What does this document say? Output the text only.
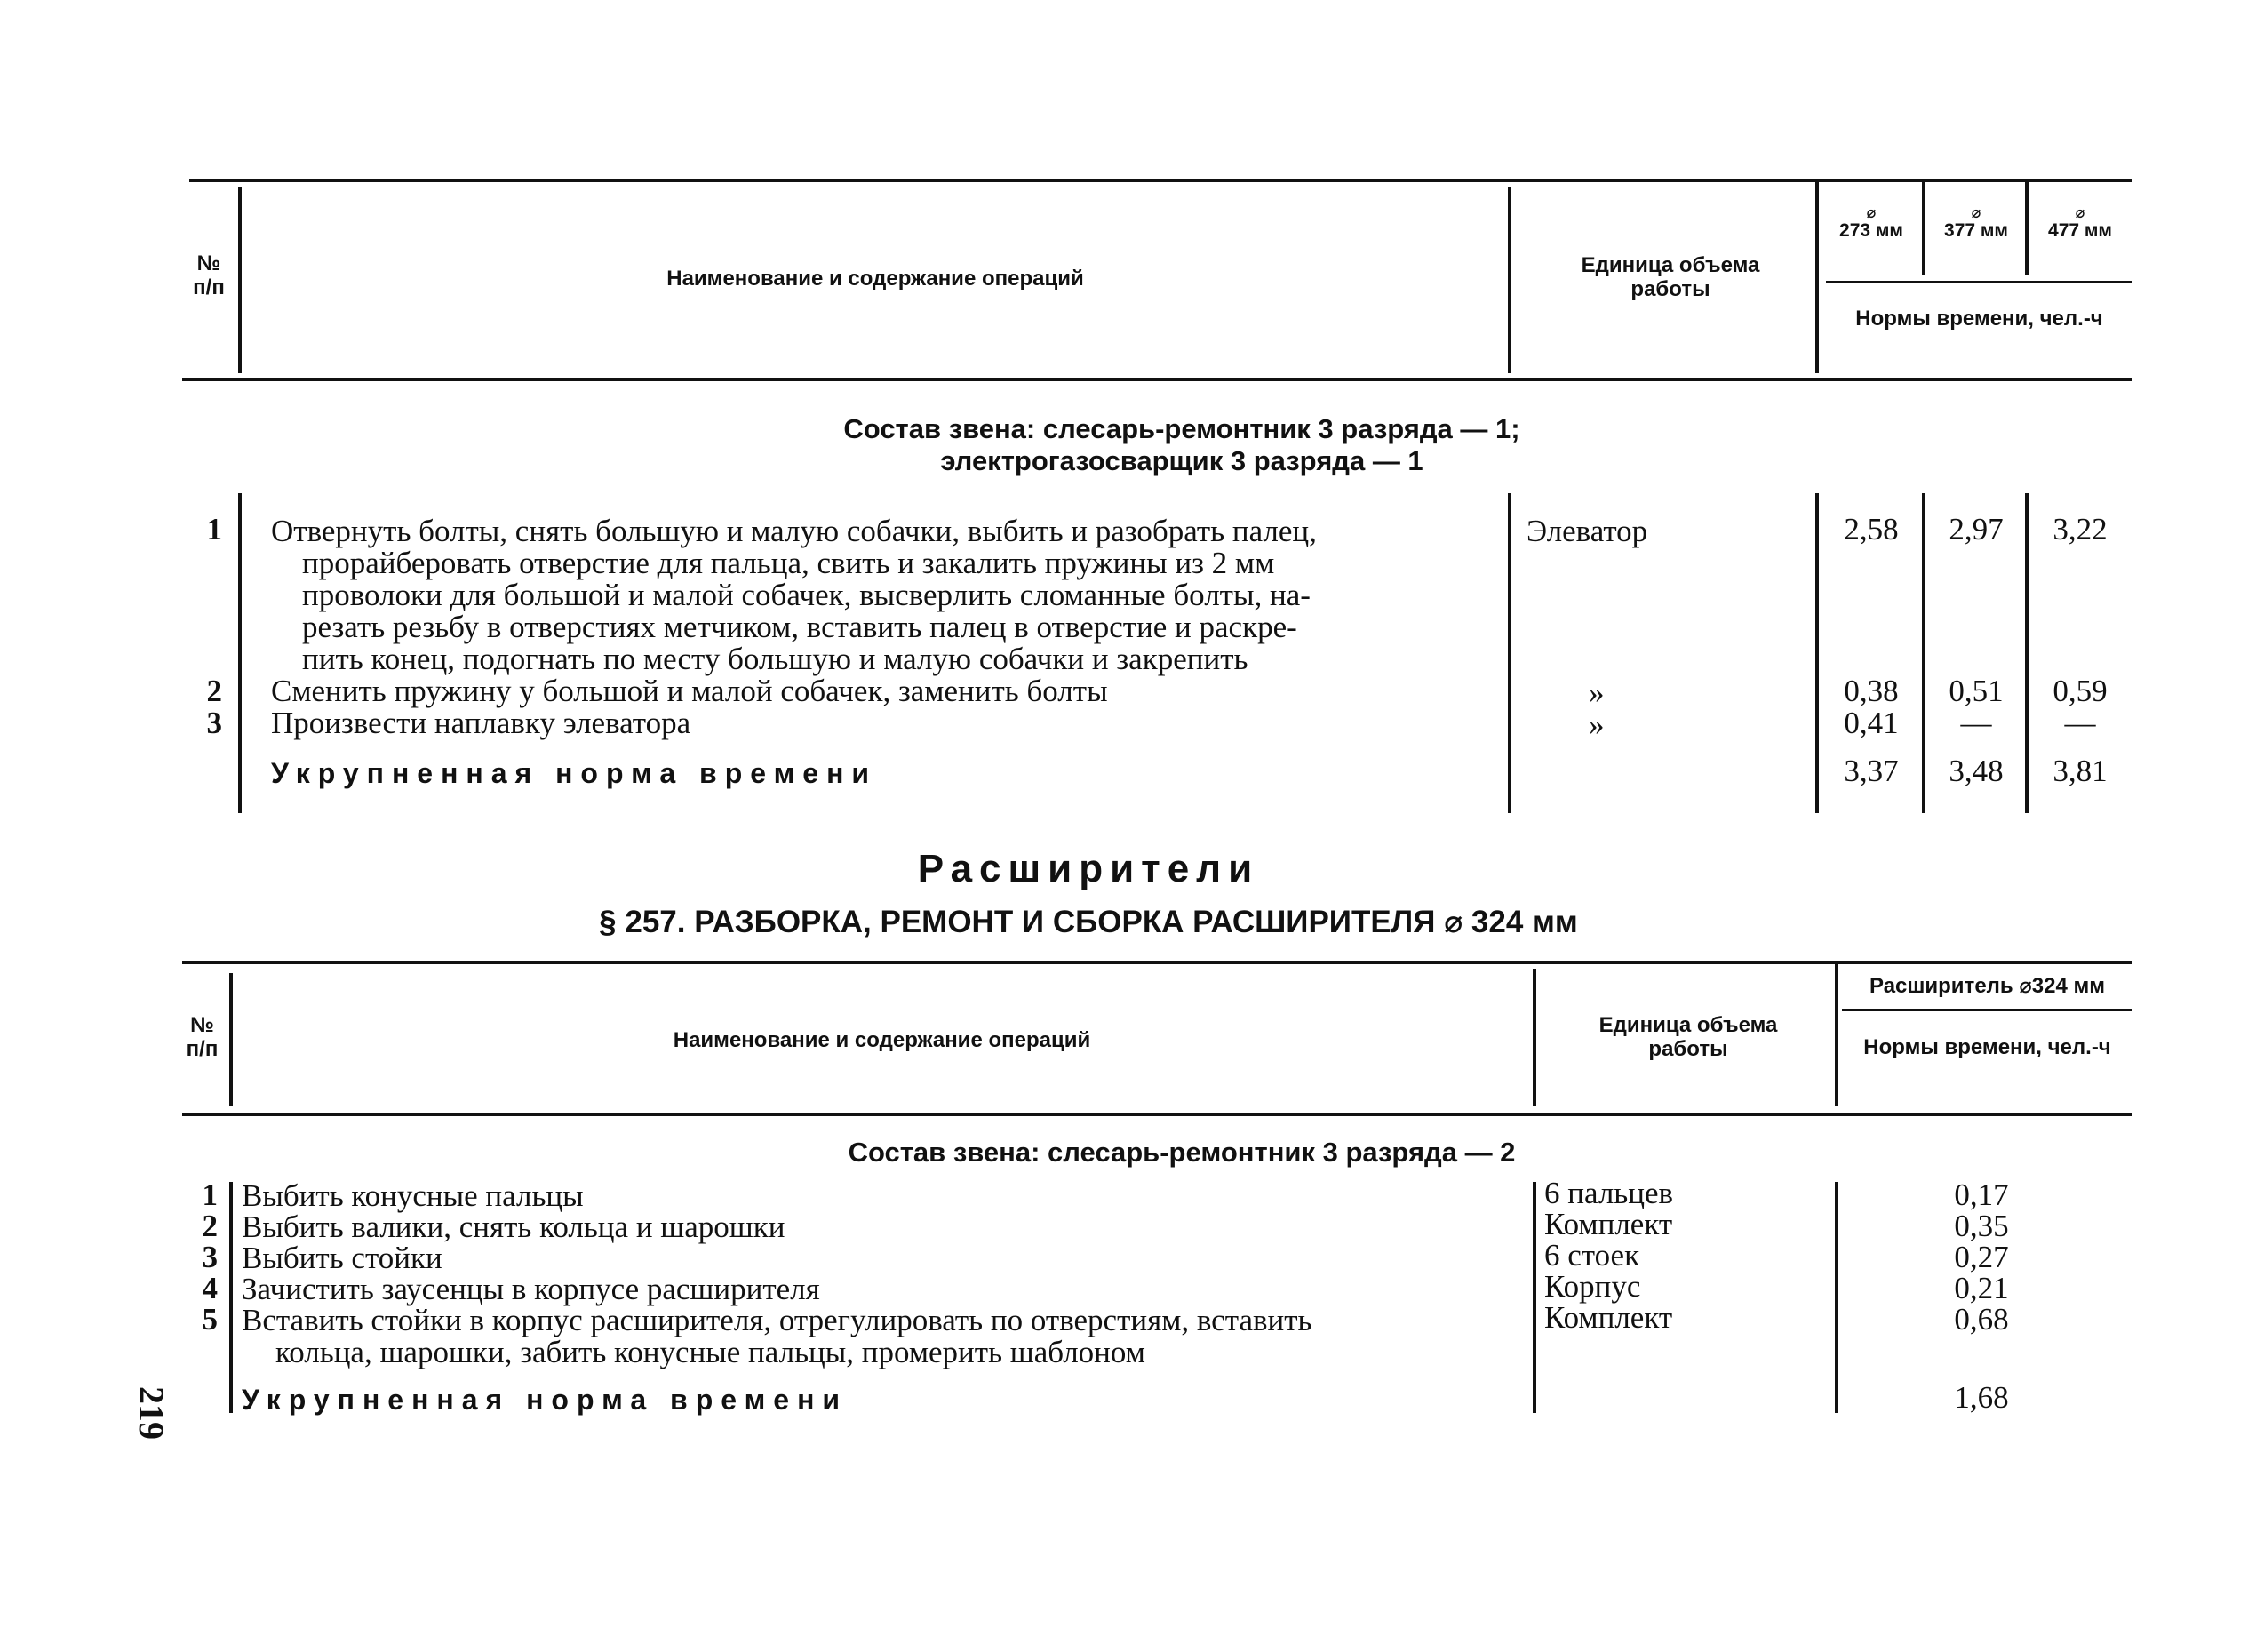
№
п/п	Наименование и содержание операций
Единица объема работы
⌀
273 мм
⌀
377 мм
⌀
477 мм
Нормы времени, чел.-ч
Состав звена: слесарь-ремонтник 3 разряда — 1;
электрогазосварщик 3 разряда — 1
1 Отвернуть болты, снять большую и малую собачки, выбить и разобрать палец,
прорайберовать отверстие для пальца, свить и закалить пружины из 2 мм
проволоки для большой и малой собачек, высверлить сломанные болты, на-
резать резьбу в отверстиях метчиком, вставить палец в отверстие и раскре-
пить конец, подогнать по месту большую и малую собачки и закрепить
Элеватор	2,58	2,97	3,22
2 Сменить пружину у большой и малой собачек, заменить болты	»	0,38	0,51	0,59
3 Произвести наплавку элеватора	»	0,41	—	—
Укрупненная норма времени	3,37	3,48	3,81
Расширители
§ 257. РАЗБОРКА, РЕМОНТ И СБОРКА РАСШИРИТЕЛЯ ⌀ 324 мм
№
п/п	Наименование и содержание операций
Единица объема работы
Расширитель ⌀324 мм
Нормы времени, чел.-ч
Состав звена: слесарь-ремонтник 3 разряда — 2
1 Выбить конусные пальцы	6 пальцев	0,17
2 Выбить валики, снять кольца и шарошки	Комплект	0,35
3 Выбить стойки	6 стоек	0,27
4 Зачистить заусенцы в корпусе расширителя	Корпус	0,21
5 Вставить стойки в корпус расширителя, отрегулировать по отверстиям, вставить
кольца, шарошки, забить конусные пальцы, промерить шаблоном
Комплект	0,68
Укрупненная норма времени	1,68
219
